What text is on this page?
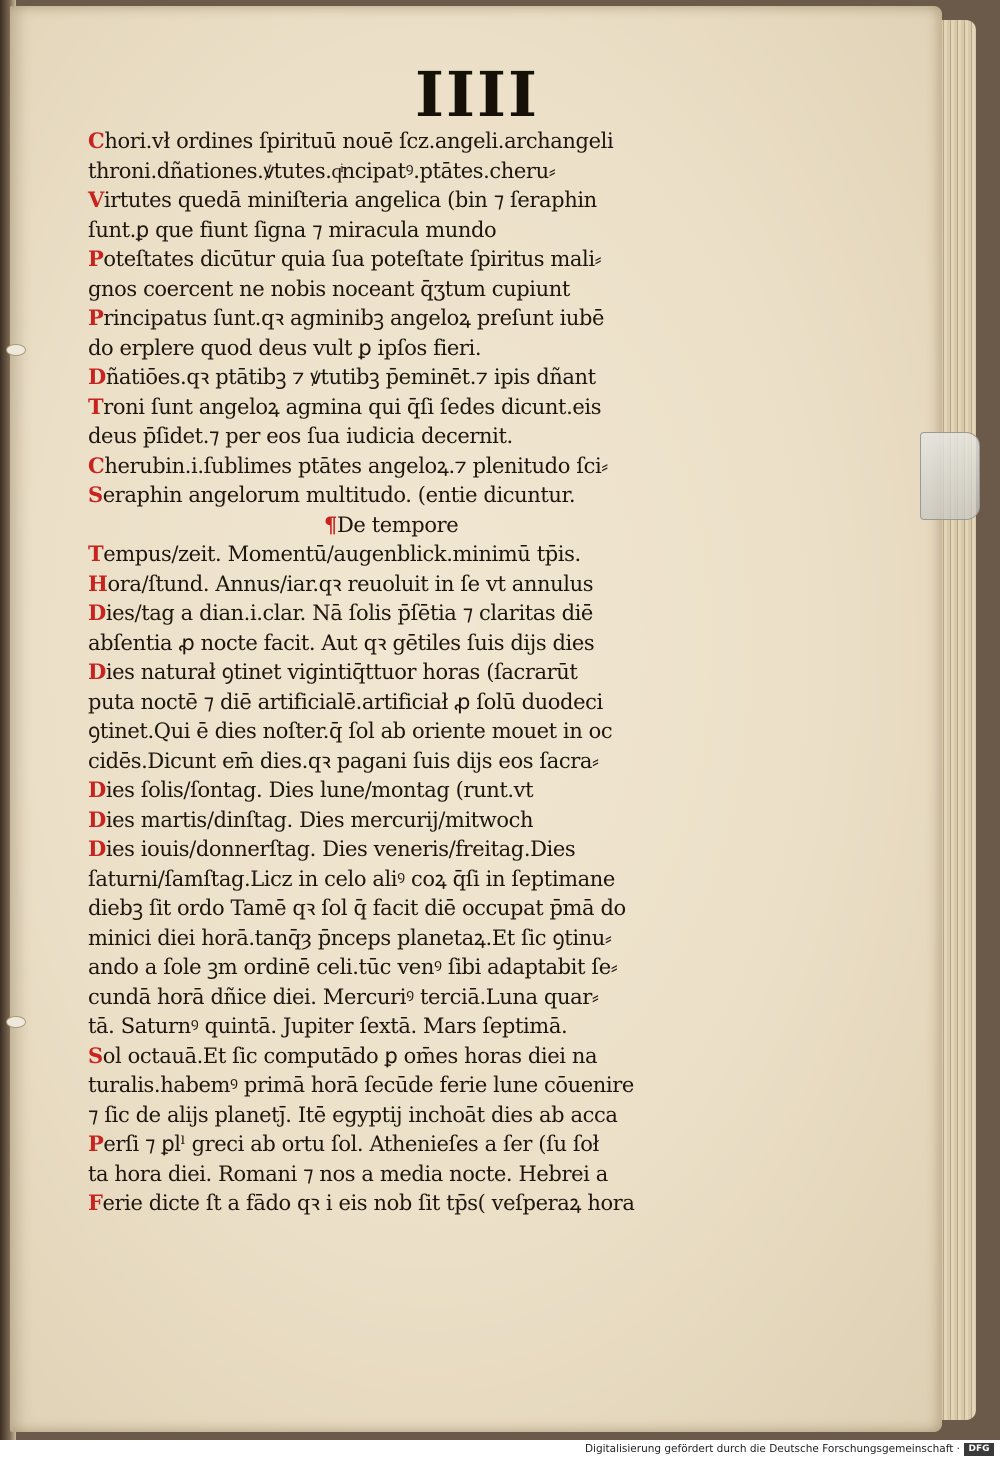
IIII
Chori.vł ordines ſpirituū nouē ſcz.angeli.archangeli
throni.dñationes.ꝟtutes.qͥncipatꝰ.ptātes.cheru⸗
Virtutes quedā miniſteria angelica (bin ⁊ ſeraphin
ſunt.ꝑ que fiunt ſigna ⁊ miracula mundo
Poteſtates dicūtur quia ſua poteſtate ſpiritus mali⸗
gnos coercent ne nobis noceant q̄ʒtum cupiunt
Principatus ſunt.qꝛ agminibꝫ angeloꝝ preſunt iubē
do erplere quod deus vult ꝑ ipſos fieri.
Dñatiōes.qꝛ ptātibꝫ ⁊ ꝟtutibꝫ p̄eminēt.⁊ ipis dñant
Troni ſunt angeloꝝ agmina qui q̄ſi ſedes dicunt.eis
deus p̄ſidet.⁊ per eos ſua iudicia decernit.
Cherubin.i.ſublimes ptātes angeloꝝ.⁊ plenitudo ſci⸗
Seraphin angelorum multitudo. (entie dicuntur.
¶De tempore
Tempus/zeit. Momentū/augenblick.minimū tp̄is.
Hora/ſtund. Annus/iar.qꝛ reuoluit in ſe vt annulus
Dies/tag a dian.i.clar. Nā ſolis p̄ſētia ⁊ claritas diē
abſentia ꝓ nocte facit. Aut qꝛ gētiles ſuis dijs dies
Dies naturał ꝯtinet vigintiq̄ttuor horas (ſacrarūt
puta noctē ⁊ diē artificialē.artificiał ꝓ ſolū duodeci
ꝯtinet.Qui ē dies noſter.q̄ ſol ab oriente mouet in oc
cidēs.Dicunt em̄ dies.qꝛ pagani ſuis dijs eos ſacra⸗
Dies ſolis/ſontag. Dies lune/montag (runt.vt
Dies martis/dinſtag. Dies mercurij/mitwoch
Dies iouis/donnerſtag. Dies veneris/freitag.Dies
ſaturni/ſamſtag.Licz in celo aliꝰ coꝝ q̄ſi in ſeptimane
diebꝫ ſit ordo Tamē qꝛ ſol q̄ facit diē occupat p̄mā do
minici diei horā.tanq̄ȝ p̄nceps planetaꝝ.Et ſic ꝯtinu⸗
ando a ſole ꝫm ordinē celi.tūc venꝰ ſibi adaptabit ſe⸗
cundā horā dñice diei. Mercuriꝰ terciā.Luna quar⸗
tā. Saturnꝰ quintā. Jupiter ſextā. Mars ſeptimā.
Sol octauā.Et ſic computādo ꝑ om̄es horas diei na
turalis.habemꝰ primā horā ſecūde ferie lune cōuenire
⁊ ſic de alijs planetȷ̄. Itē egyptij inchoāt dies ab acca
Perſi ⁊ ꝑlˡ greci ab ortu ſol. Athenieſes a ſer (ſu ſoł
ta hora diei. Romani ⁊ nos a media nocte. Hebrei a
Ferie dicte ſt a fādo qꝛ i eis nob ſit tp̄s( veſperaꝝ hora
Digitalisierung gefördert durch die Deutsche Forschungsgemeinschaft · DFG
